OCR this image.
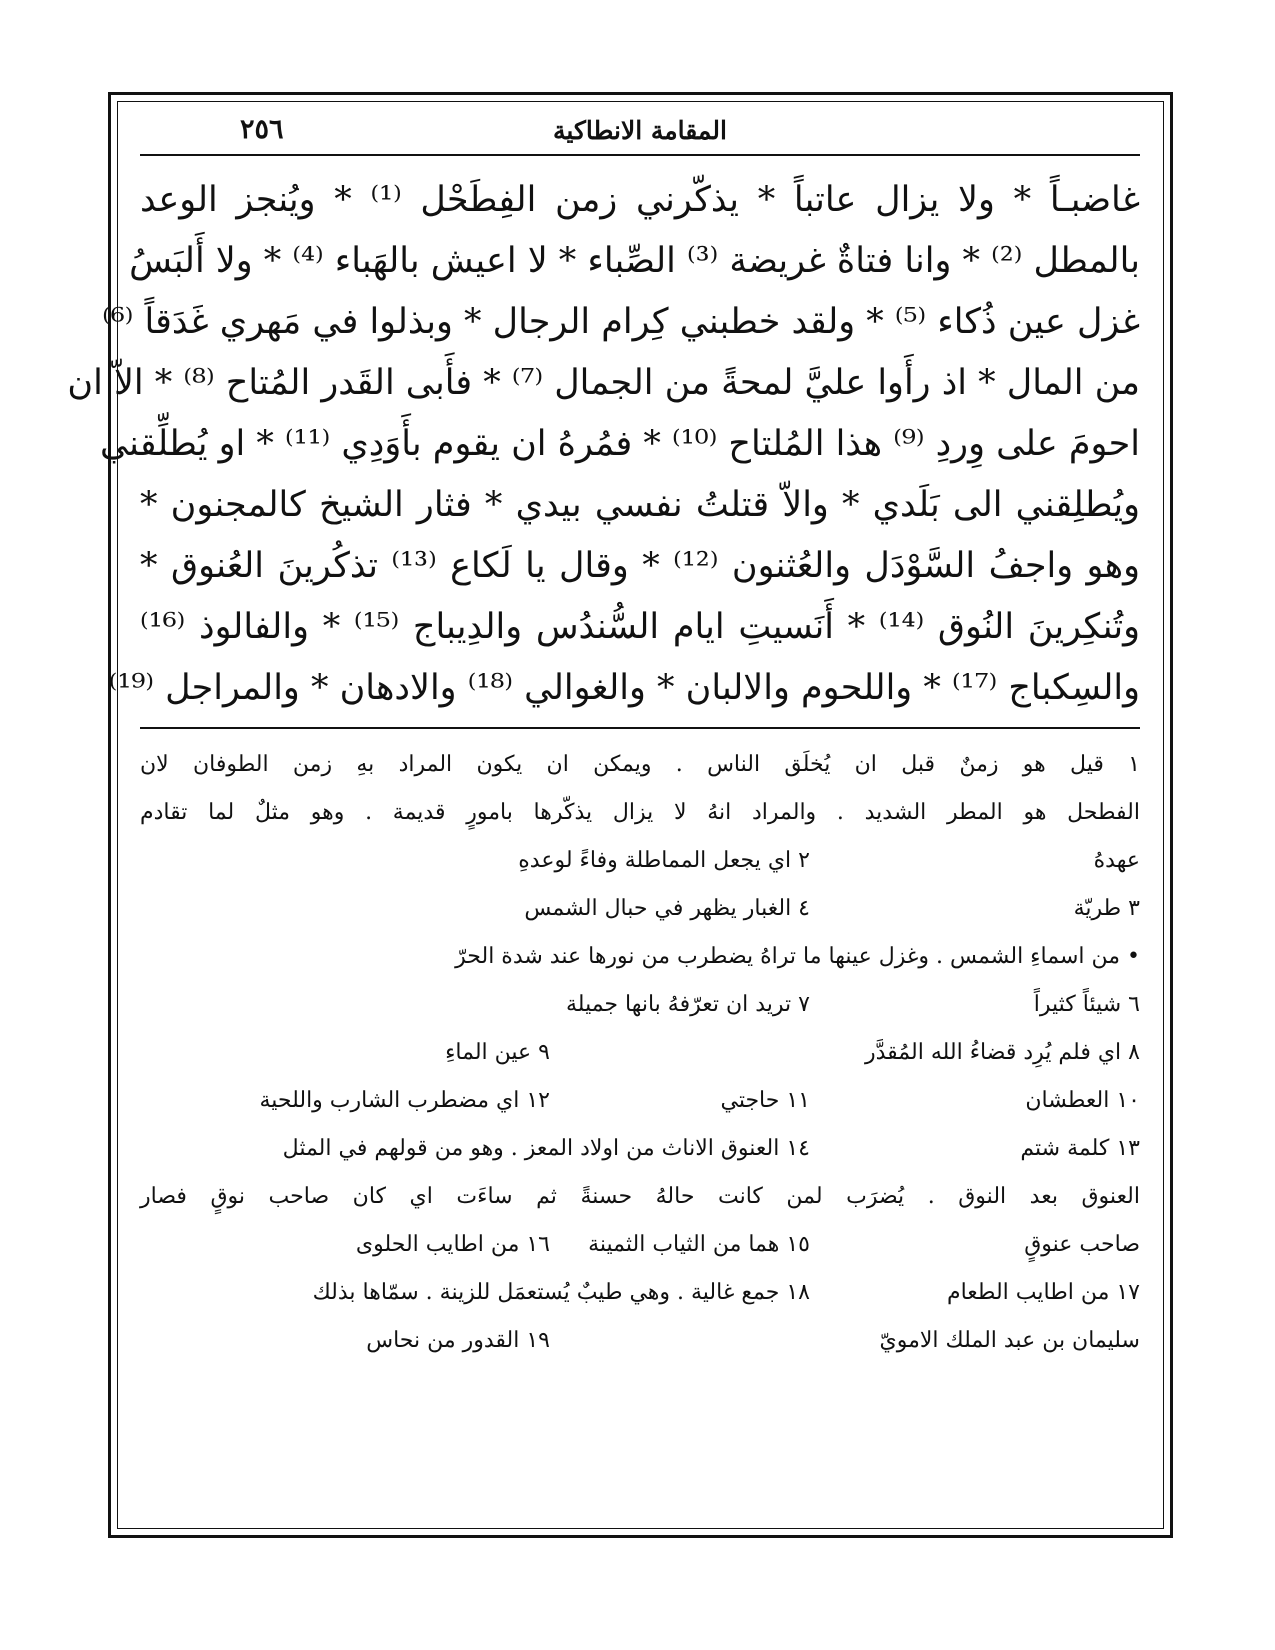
المقامة الانطاكية
٢٥٦
غاضبـاً * ولا يزال عاتباً * يذكّرني زمن الفِطَحْل ⁽¹⁾ * ويُنجز الوعد
بالمطل ⁽²⁾ * وانا فتاةٌ غريضة ⁽³⁾ الصِّباء * لا اعيش بالهَباء ⁽⁴⁾ * ولا أَلبَسُ
غزل عين ذُكاء ⁽⁵⁾ * ولقد خطبني كِرام الرجال * وبذلوا في مَهري غَدَقاً ⁽⁶⁾
من المال * اذ رأَوا عليَّ لمحةً من الجمال ⁽⁷⁾ * فأَبى القَدر المُتاح ⁽⁸⁾ * الاّ ان
احومَ على وِردِ ⁽⁹⁾ هذا المُلتاح ⁽¹⁰⁾ * فمُرهُ ان يقوم بأَوَدِي ⁽¹¹⁾ * او يُطلِّقني
ويُطلِقني الى بَلَدي * والاّ قتلتُ نفسي بيدي * فثار الشيخ كالمجنون *
وهو واجفُ السَّوْدَل والعُثنون ⁽¹²⁾ * وقال يا لَكاع ⁽¹³⁾ تذكُرينَ العُنوق *
وتُنكِرينَ النُوق ⁽¹⁴⁾ * أَنَسيتِ ايام السُّندُس والدِيباج ⁽¹⁵⁾ * والفالوذ ⁽¹⁶⁾
والسِكباج ⁽¹⁷⁾ * واللحوم والالبان * والغوالي ⁽¹⁸⁾ والادهان * والمراجل ⁽¹⁹⁾
١ قيل هو زمنٌ قبل ان يُخلَق الناس . ويمكن ان يكون المراد بهِ زمن الطوفان لان
الفطحل هو المطر الشديد . والمراد انهُ لا يزال يذكّرها بامورٍ قديمة . وهو مثلٌ لما تقادم
عهدهُ
٢ اي يجعل المماطلة وفاءً لوعدهِ
٣ طريّة
٤ الغبار يظهر في حبال الشمس
• من اسماءِ الشمس . وغزل عينها ما تراهُ يضطرب من نورها عند شدة الحرّ
٦ شيئاً كثيراً
٧ تريد ان تعرّفهُ بانها جميلة
٨ اي فلم يُرِد قضاءُ الله المُقدَّر
٩ عين الماءِ
١٠ العطشان
١١ حاجتي
١٢ اي مضطرب الشارب واللحية
١٣ كلمة شتم
١٤ العنوق الاناث من اولاد المعز . وهو من قولهم في المثل
العنوق بعد النوق . يُضرَب لمن كانت حالهُ حسنةً ثم ساءَت اي كان صاحب نوقٍ فصار
صاحب عنوقٍ
١٥ هما من الثياب الثمينة
١٦ من اطايب الحلوى
١٧ من اطايب الطعام
١٨ جمع غالية . وهي طيبٌ يُستعمَل للزينة . سمّاها بذلك
سليمان بن عبد الملك الامويّ
١٩ القدور من نحاس
